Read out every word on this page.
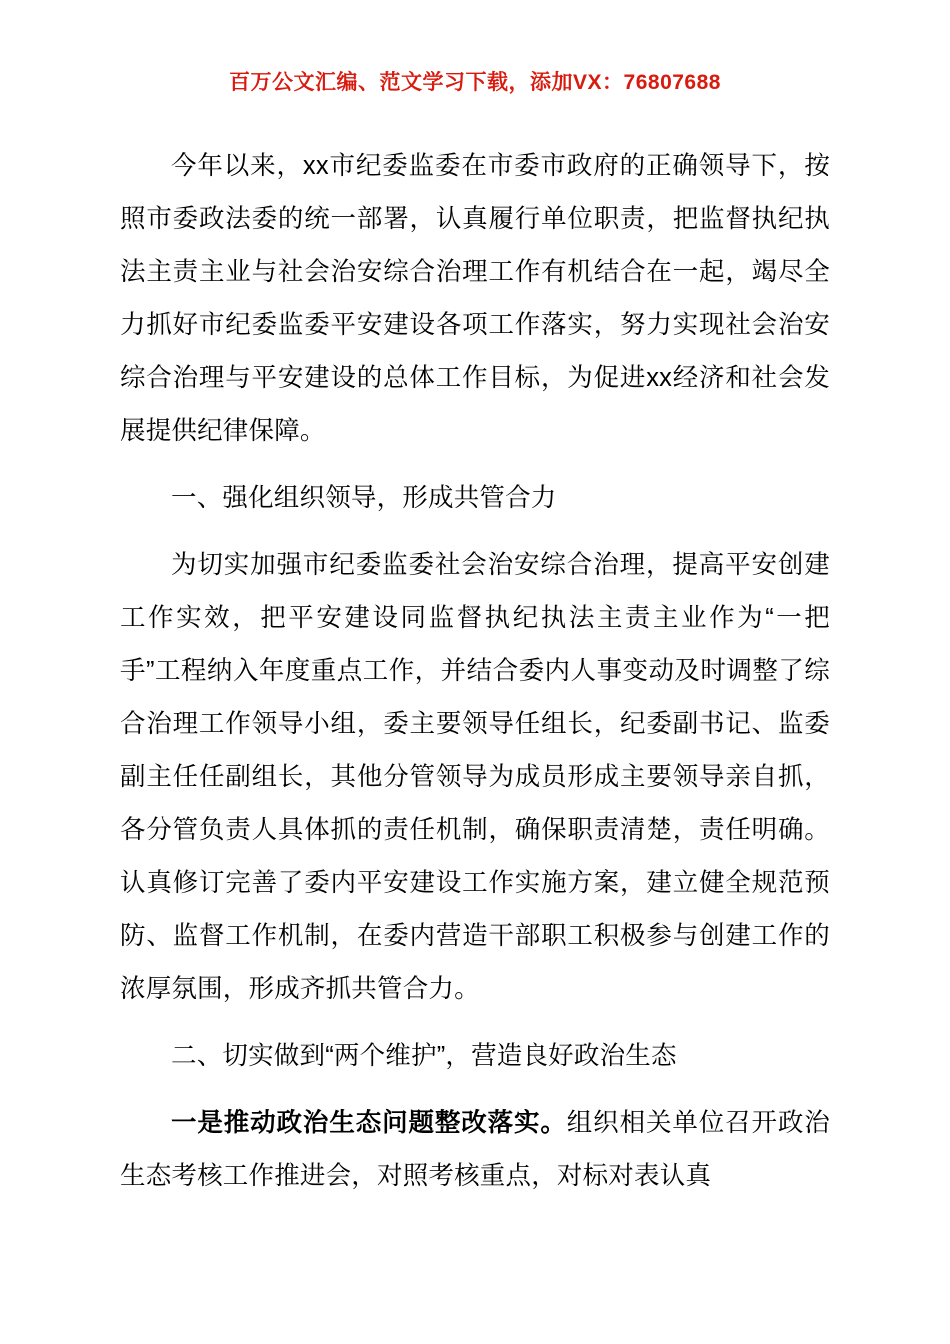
百万公文汇编、范文学习下载，添加VX：76807688

今年以来，xx市纪委监委在市委市政府的正确领导下，按照市委政法委的统一部署，认真履行单位职责，把监督执纪执法主责主业与社会治安综合治理工作有机结合在一起，竭尽全力抓好市纪委监委平安建设各项工作落实，努力实现社会治安综合治理与平安建设的总体工作目标，为促进xx经济和社会发展提供纪律保障。

一、强化组织领导，形成共管合力

为切实加强市纪委监委社会治安综合治理，提高平安创建工作实效，把平安建设同监督执纪执法主责主业作为“一把手”工程纳入年度重点工作，并结合委内人事变动及时调整了综合治理工作领导小组，委主要领导任组长，纪委副书记、监委副主任任副组长，其他分管领导为成员形成主要领导亲自抓，各分管负责人具体抓的责任机制，确保职责清楚，责任明确。认真修订完善了委内平安建设工作实施方案，建立健全规范预防、监督工作机制，在委内营造干部职工积极参与创建工作的浓厚氛围，形成齐抓共管合力。

二、切实做到“两个维护”，营造良好政治生态

一是推动政治生态问题整改落实。组织相关单位召开政治生态考核工作推进会，对照考核重点，对标对表认真
